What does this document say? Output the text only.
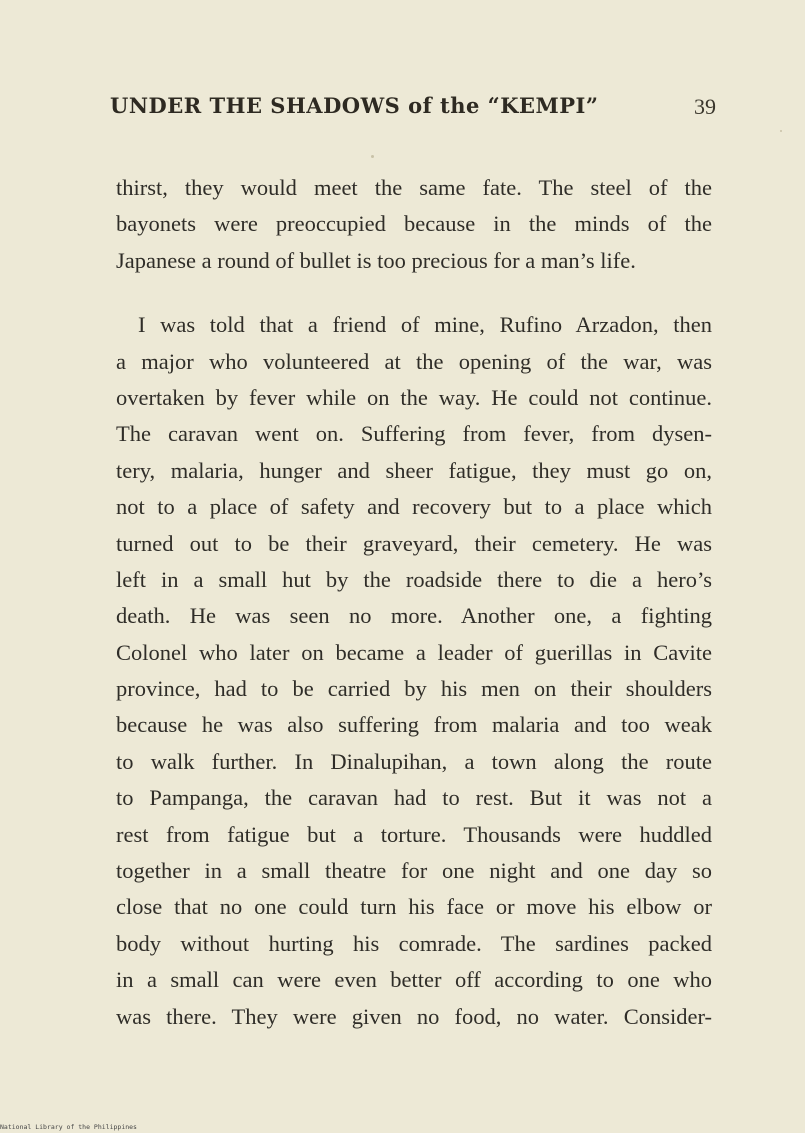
UNDER THE SHADOWS of the “KEMPI”	39
thirst, they would meet the same fate. The steel of the
bayonets were preoccupied because in the minds of the
Japanese a round of bullet is too precious for a man’s life.
I was told that a friend of mine, Rufino Arzadon, then
a major who volunteered at the opening of the war, was
overtaken by fever while on the way. He could not continue.
The caravan went on. Suffering from fever, from dysen-
tery, malaria, hunger and sheer fatigue, they must go on,
not to a place of safety and recovery but to a place which
turned out to be their graveyard, their cemetery. He was
left in a small hut by the roadside there to die a hero’s
death. He was seen no more. Another one, a fighting
Colonel who later on became a leader of guerillas in Cavite
province, had to be carried by his men on their shoulders
because he was also suffering from malaria and too weak
to walk further. In Dinalupihan, a town along the route
to Pampanga, the caravan had to rest. But it was not a
rest from fatigue but a torture. Thousands were huddled
together in a small theatre for one night and one day so
close that no one could turn his face or move his elbow or
body without hurting his comrade. The sardines packed
in a small can were even better off according to one who
was there. They were given no food, no water. Consider-
National Library of the Philippines
